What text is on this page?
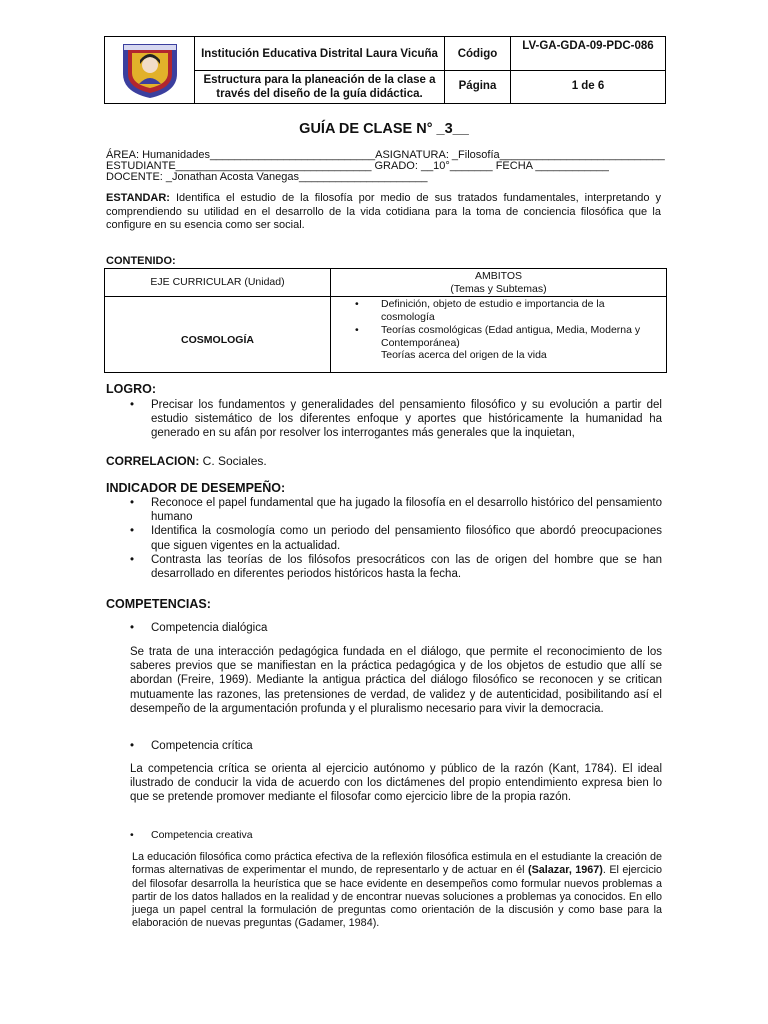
Institución Educativa Distrital Laura Vicuña Código
LV-GA-GDA-09-PDC-086
Estructura para la planeación de la clase a través del diseño de la guía didáctica.
Página	1 de 6
GUÍA DE CLASE N° _3__
ÁREA: Humanidades___________________________ASIGNATURA: _Filosofía___________________________
ESTUDIANTE________________________________ GRADO: __10°_______ FECHA ____________
DOCENTE: _Jonathan Acosta Vanegas_____________________
ESTANDAR: Identifica el estudio de la filosofía por medio de sus tratados fundamentales, interpretando y comprendiendo su utilidad en el desarrollo de la vida cotidiana para la toma de conciencia filosófica que la configure en su esencia como ser social.
CONTENIDO:
EJE CURRICULAR (Unidad)	AMBITOS
(Temas y Subtemas)
COSMOLOGÍA
• Definición, objeto de estudio e importancia de la cosmología
• Teorías cosmológicas (Edad antigua, Media, Moderna y Contemporánea)
Teorías acerca del origen de la vida
LOGRO:
• Precisar los fundamentos y generalidades del pensamiento filosófico y su evolución a partir del estudio sistemático de los diferentes enfoque y aportes que históricamente la humanidad ha generado en su afán por resolver los interrogantes más generales que la inquietan,
CORRELACION: C. Sociales.
INDICADOR DE DESEMPEÑO:
• Reconoce el papel fundamental que ha jugado la filosofía en el desarrollo histórico del pensamiento humano
• Identifica la cosmología como un periodo del pensamiento filosófico que abordó preocupaciones que siguen vigentes en la actualidad.
• Contrasta las teorías de los filósofos presocráticos con las de origen del hombre que se han desarrollado en diferentes periodos históricos hasta la fecha.
COMPETENCIAS:
• Competencia dialógica
Se trata de una interacción pedagógica fundada en el diálogo, que permite el reconocimiento de los saberes previos que se manifiestan en la práctica pedagógica y de los objetos de estudio que allí se abordan (Freire, 1969). Mediante la antigua práctica del diálogo filosófico se reconocen y se critican mutuamente las razones, las pretensiones de verdad, de validez y de autenticidad, posibilitando así el desempeño de la argumentación profunda y el pluralismo necesario para vivir la democracia.
• Competencia crítica
La competencia crítica se orienta al ejercicio autónomo y público de la razón (Kant, 1784). El ideal ilustrado de conducir la vida de acuerdo con los dictámenes del propio entendimiento expresa bien lo que se pretende promover mediante el filosofar como ejercicio libre de la propia razón.
• Competencia creativa
La educación filosófica como práctica efectiva de la reflexión filosófica estimula en el estudiante la creación de formas alternativas de experimentar el mundo, de representarlo y de actuar en él (Salazar, 1967). El ejercicio del filosofar desarrolla la heurística que se hace evidente en desempeños como formular nuevos problemas a partir de los datos hallados en la realidad y de encontrar nuevas soluciones a problemas ya conocidos. En ello juega un papel central la formulación de preguntas como orientación de la discusión y como base para la elaboración de nuevas preguntas (Gadamer, 1984).
